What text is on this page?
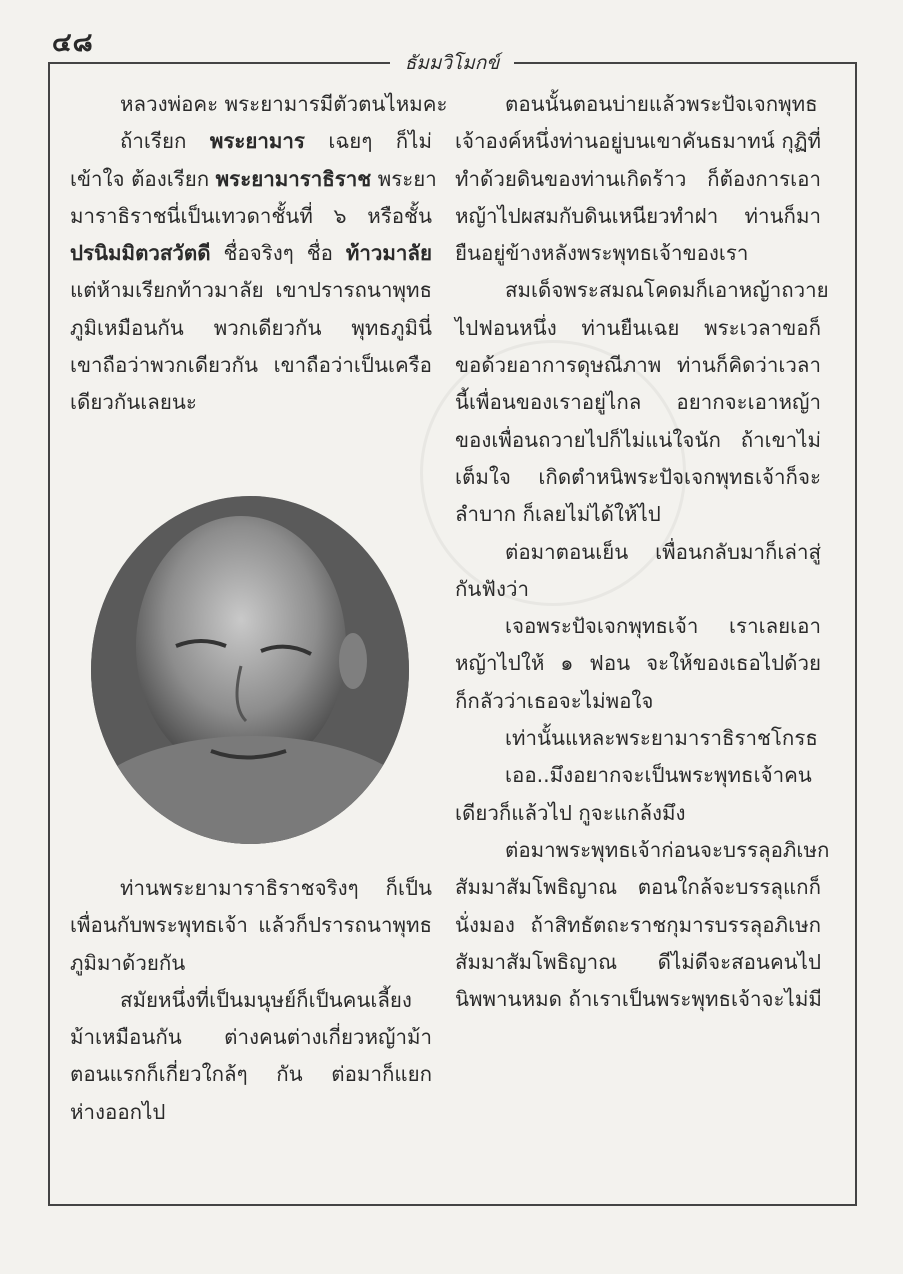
๔๘
ธัมมวิโมกข์
หลวงพ่อคะ พระยามารมีตัวตนไหมคะ
ถ้าเรียก พระยามาร เฉยๆ ก็ไม่
เข้าใจ ต้องเรียก พระยามาราธิราช พระยา
มาราธิราชนี่เป็นเทวดาชั้นที่ ๖ หรือชั้น
ปรนิมมิตวสวัตดี ชื่อจริงๆ ชื่อ ท้าวมาลัย
แต่ห้ามเรียกท้าวมาลัย เขาปรารถนาพุทธ
ภูมิเหมือนกัน พวกเดียวกัน พุทธภูมินี่
เขาถือว่าพวกเดียวกัน เขาถือว่าเป็นเครือ
เดียวกันเลยนะ
ท่านพระยามาราธิราชจริงๆ ก็เป็น
เพื่อนกับพระพุทธเจ้า แล้วก็ปรารถนาพุทธ
ภูมิมาด้วยกัน
สมัยหนึ่งที่เป็นมนุษย์ก็เป็นคนเลี้ยง
ม้าเหมือนกัน ต่างคนต่างเกี่ยวหญ้าม้า
ตอนแรกก็เกี่ยวใกล้ๆ กัน ต่อมาก็แยก
ห่างออกไป
ตอนนั้นตอนบ่ายแล้วพระปัจเจกพุทธ
เจ้าองค์หนึ่งท่านอยู่บนเขาคันธมาทน์ กุฏิที่
ทำด้วยดินของท่านเกิดร้าว ก็ต้องการเอา
หญ้าไปผสมกับดินเหนียวทำฝา ท่านก็มา
ยืนอยู่ข้างหลังพระพุทธเจ้าของเรา
สมเด็จพระสมณโคดมก็เอาหญ้าถวาย
ไปฟอนหนึ่ง ท่านยืนเฉย พระเวลาขอก็
ขอด้วยอาการดุษณีภาพ ท่านก็คิดว่าเวลา
นี้เพื่อนของเราอยู่ไกล อยากจะเอาหญ้า
ของเพื่อนถวายไปก็ไม่แน่ใจนัก ถ้าเขาไม่
เต็มใจ เกิดตำหนิพระปัจเจกพุทธเจ้าก็จะ
ลำบาก ก็เลยไม่ได้ให้ไป
ต่อมาตอนเย็น เพื่อนกลับมาก็เล่าสู่
กันฟังว่า
เจอพระปัจเจกพุทธเจ้า เราเลยเอา
หญ้าไปให้ ๑ ฟอน จะให้ของเธอไปด้วย
ก็กลัวว่าเธอจะไม่พอใจ
เท่านั้นแหละพระยามาราธิราชโกรธ
เออ..มึงอยากจะเป็นพระพุทธเจ้าคน
เดียวก็แล้วไป กูจะแกล้งมึง
ต่อมาพระพุทธเจ้าก่อนจะบรรลุอภิเษก
สัมมาสัมโพธิญาณ ตอนใกล้จะบรรลุแกก็
นั่งมอง ถ้าสิทธัตถะราชกุมารบรรลุอภิเษก
สัมมาสัมโพธิญาณ ดีไม่ดีจะสอนคนไป
นิพพานหมด ถ้าเราเป็นพระพุทธเจ้าจะไม่มี
